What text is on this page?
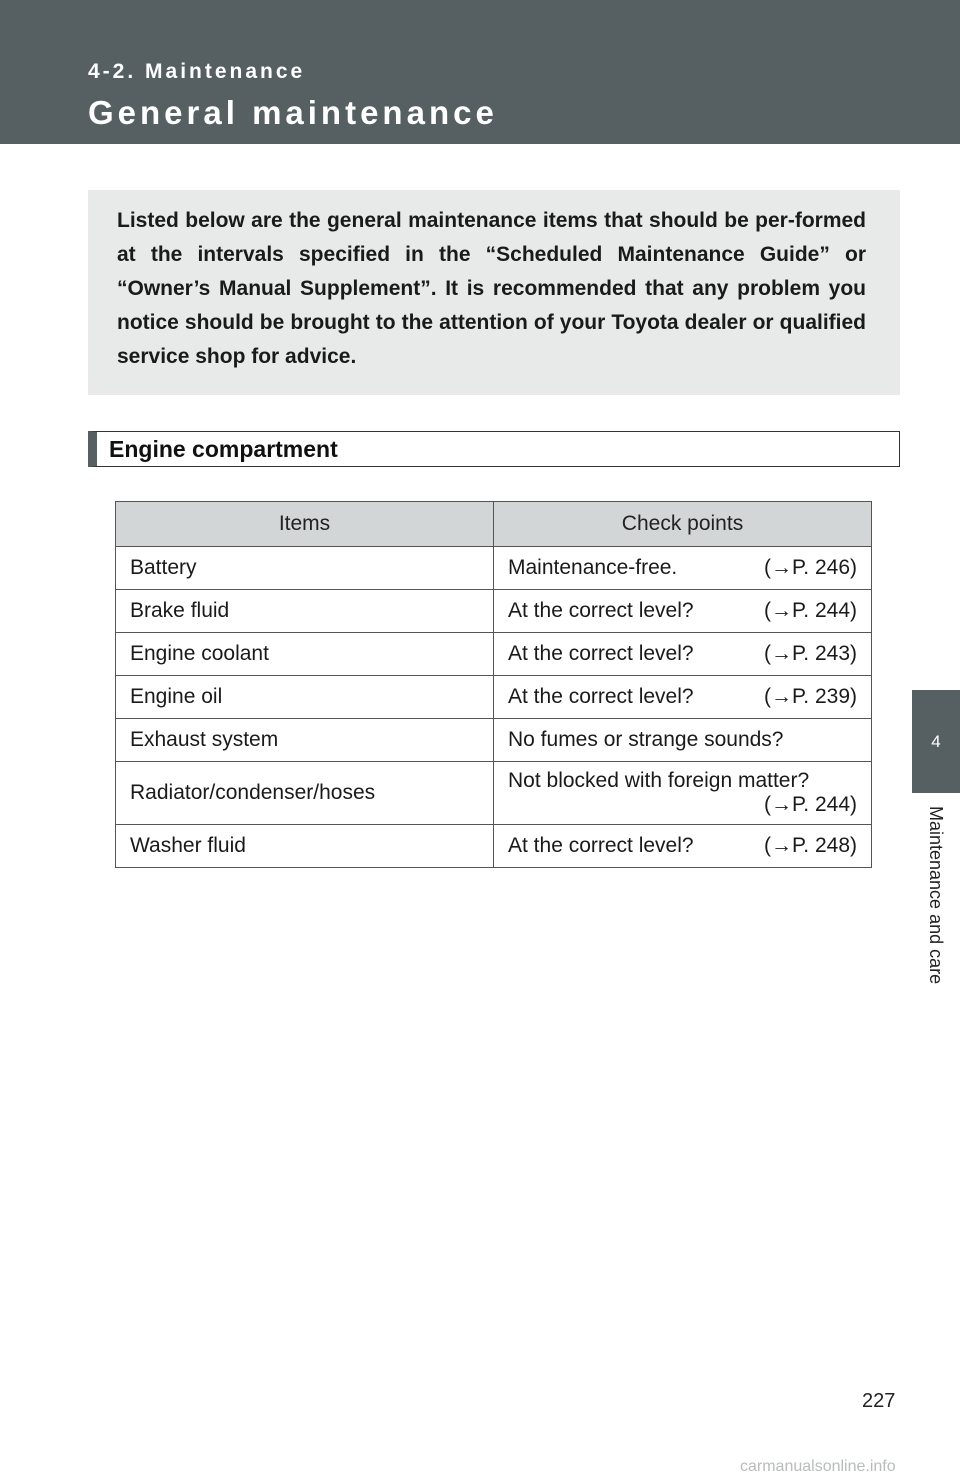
4-2. Maintenance
General maintenance
4
Maintenance and care

Listed below are the general maintenance items that should be per-formed at the intervals specified in the “Scheduled Maintenance Guide” or “Owner’s Manual Supplement”. It is recommended that any problem you notice should be brought to the attention of your Toyota dealer or qualified service shop for advice.

Engine compartment
Items	Check points
Battery	Maintenance-free. (→P. 246)

Brake fluid	At the correct level? (→P. 244)

Engine coolant	At the correct level? (→P. 243)

Engine oil	At the correct level? (→P. 239)

Exhaust system	No fumes or strange sounds?

Radiator/condenser/hoses	Not blocked with foreign matter?
(→P. 244)

Washer fluid	At the correct level? (→P. 248)
227
carmanualsonline.info
